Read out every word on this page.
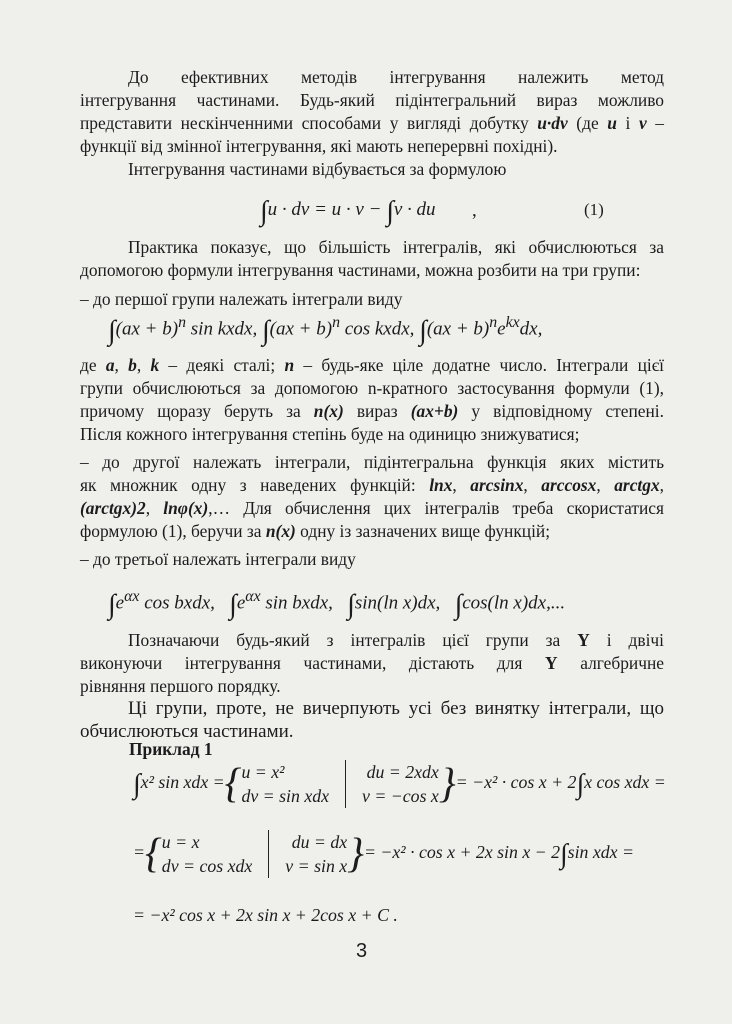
До ефективних методів інтегрування належить метод
інтегрування частинами. Будь-який підінтегральний вираз можливо
представити нескінченними способами у вигляді добутку u·dv (де u і v –
функції від змінної інтегрування, які мають неперервні похідні).
Інтегрування частинами відбувається за формулою
∫u · dv = u · v − ∫v · du ,	(1)
Практика показує, що більшість інтегралів, які обчислюються за
допомогою формули інтегрування частинами, можна розбити на три групи:
– до першої групи належать інтеграли виду
∫(ax + b)$^n$ sin kxdx, ∫(ax + b)$^n$ cos kxdx, $\int(ax + b)^ne^{kx}dx$,
де a, b, k – деякі сталі; n – будь-яке ціле додатне число. Інтеграли цієї
групи обчислюються за допомогою n-кратного застосування формули (1),
причому щоразу беруть за n(x) вираз (ax+b) у відповідному степені.
Після кожного інтегрування степінь буде на одиницю знижуватися;
– до другої належать інтеграли, підінтегральна функція яких містить
як множник одну з наведених функцій: lnx, arcsinx, arccosx, arctgx,
(arctgx)2, lnφ(x),… Для обчислення цих інтегралів треба скористатися
формулою (1), беручи за n(x) одну із зазначених вище функцій;
– до третьої належать інтеграли виду
$\int e^{\alpha x}$ cos bxdx, $\int e^{\alpha x}$ sin bxdx, ∫sin(ln x)dx, ∫cos(ln x)dx,...
Позначаючи будь-який з інтегралів цієї групи за Y і двічі
виконуючи інтегрування частинами, дістають для Y алгебричне
рівняння першого порядку.
Ці групи, проте, не вичерпують усі без винятку інтеграли, що
обчислюються частинами.
Приклад 1
∫x² sin xdx ={u = x²
dv = sin xdxdu = 2xdx
v = −cos x}= −x² · cos x + 2∫x cos xdx =
={u = x
dv = cos xdxdu = dx
v = sin x}= −x² · cos x + 2x sin x − 2∫sin xdx =
= −x² cos x + 2x sin x + 2cos x + C .
3
